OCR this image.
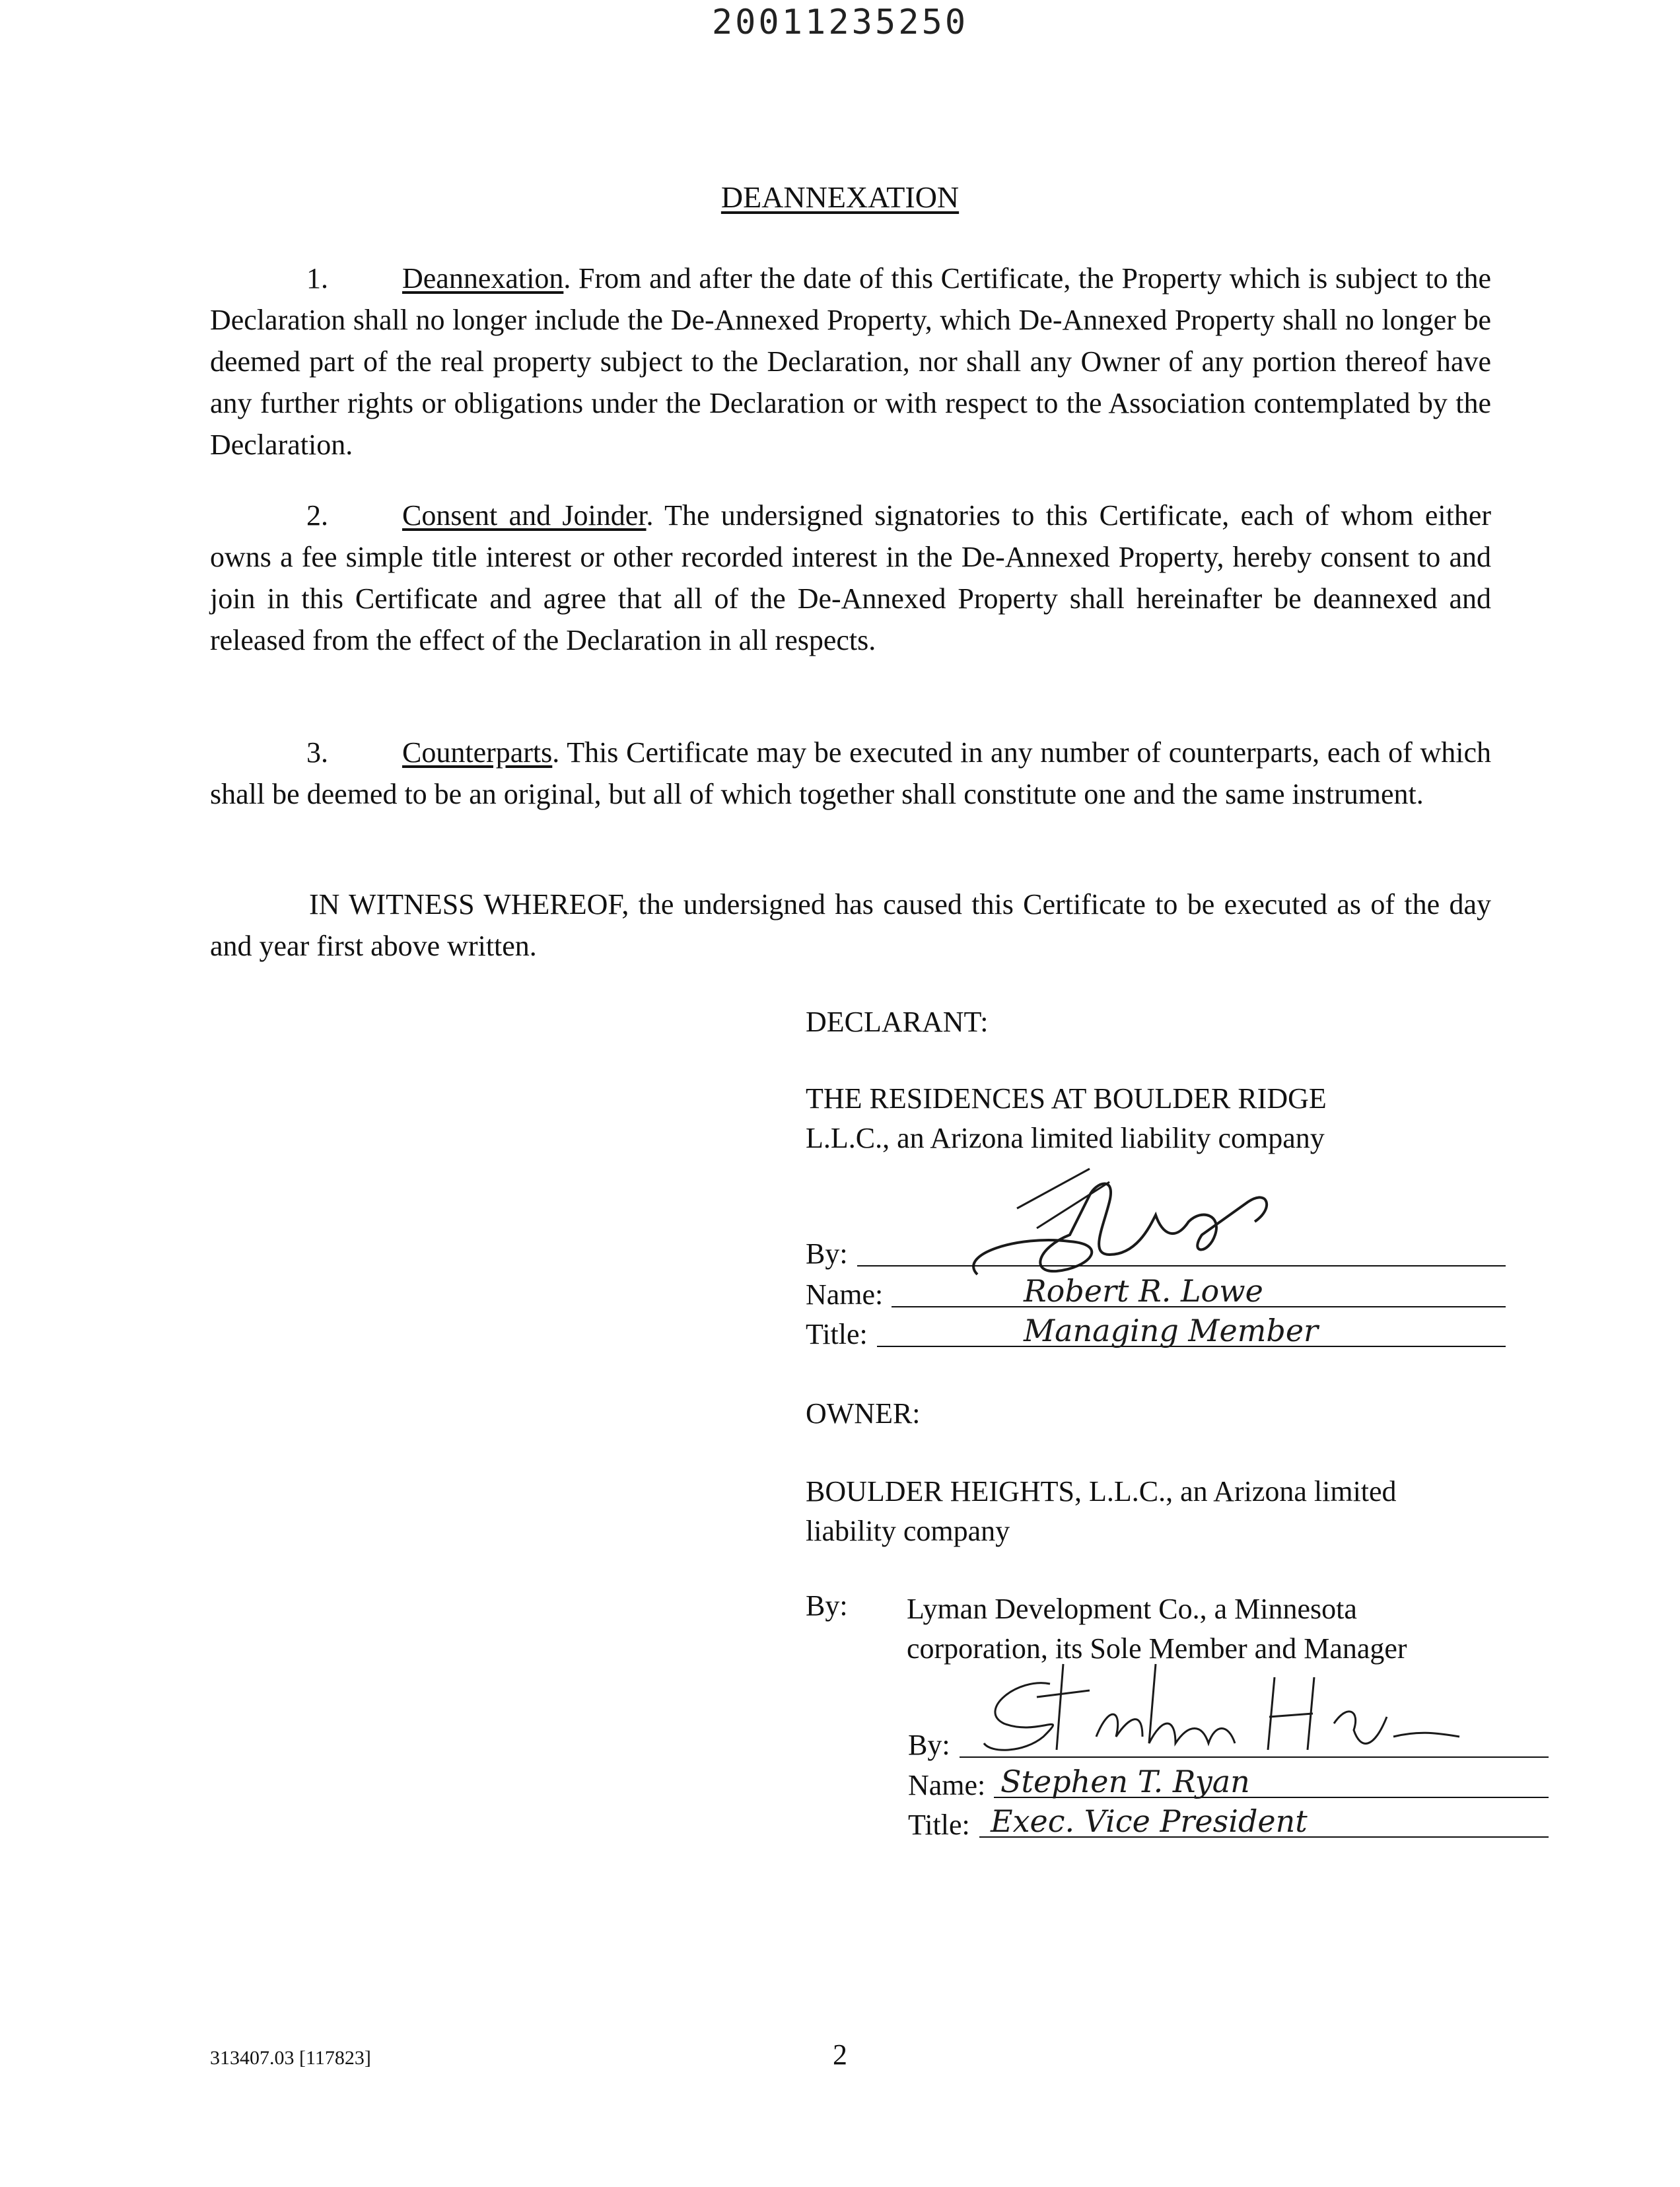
20011235250
DEANNEXATION
1.	Deannexation. From and after the date of this Certificate, the Property which is subject to the Declaration shall no longer include the De-Annexed Property, which De-Annexed Property shall no longer be deemed part of the real property subject to the Declaration, nor shall any Owner of any portion thereof have any further rights or obligations under the Declaration or with respect to the Association contemplated by the Declaration.
2.	Consent and Joinder. The undersigned signatories to this Certificate, each of whom either owns a fee simple title interest or other recorded interest in the De-Annexed Property, hereby consent to and join in this Certificate and agree that all of the De-Annexed Property shall hereinafter be deannexed and released from the effect of the Declaration in all respects.
3.	Counterparts. This Certificate may be executed in any number of counterparts, each of which shall be deemed to be an original, but all of which together shall constitute one and the same instrument.
IN WITNESS WHEREOF, the undersigned has caused this Certificate to be executed as of the day and year first above written.
DECLARANT:
THE RESIDENCES AT BOULDER RIDGE
L.L.C., an Arizona limited liability company
By:
Name:	Robert R. Lowe
Title:	Managing Member
OWNER:
BOULDER HEIGHTS, L.L.C., an Arizona limited
liability company
By: Lyman Development Co., a Minnesota
corporation, its Sole Member and Manager
By:
Name: Stephen T. Ryan
Title: Exec. Vice President
313407.03 [117823]	2
